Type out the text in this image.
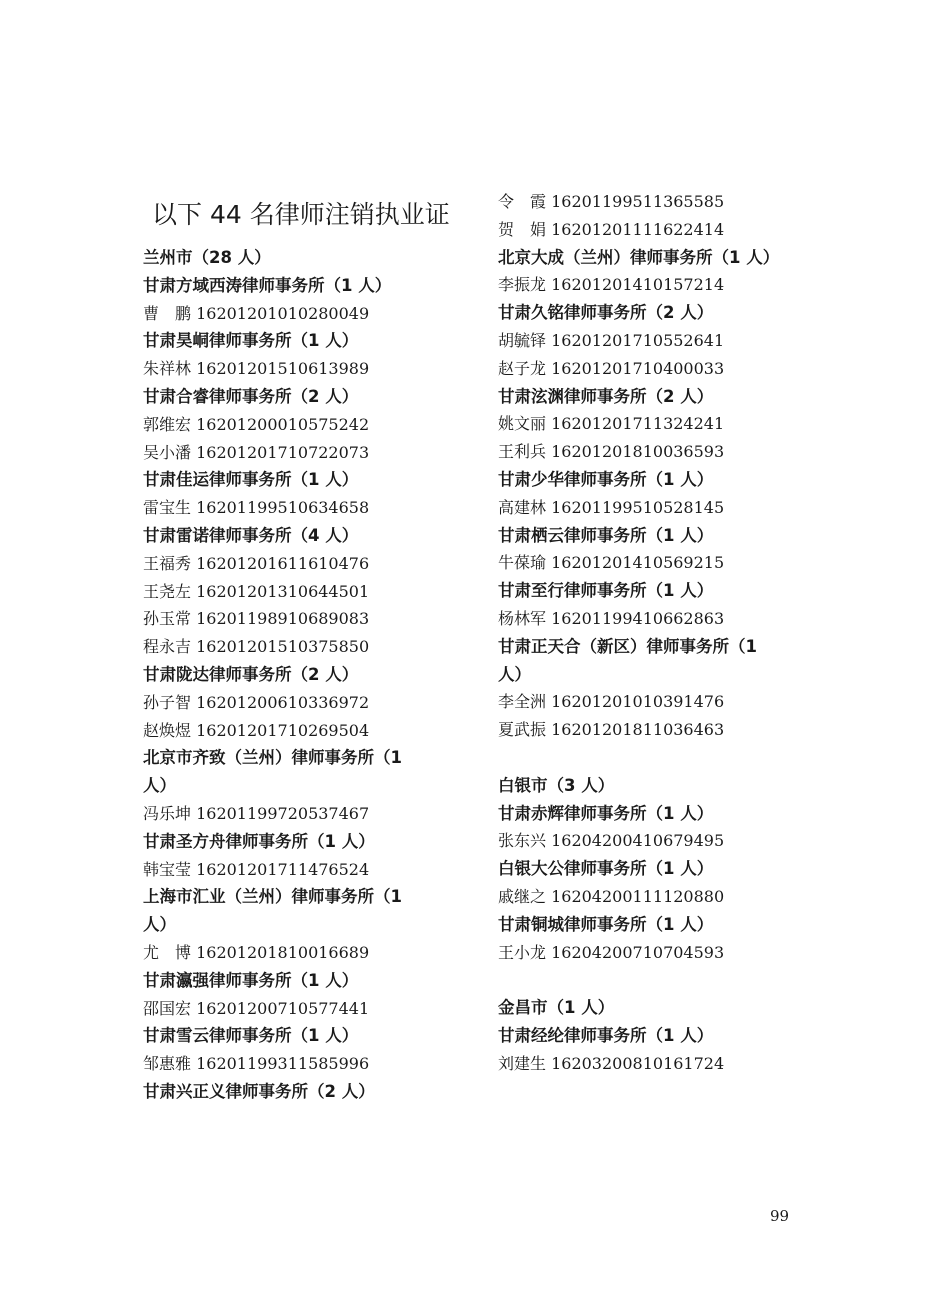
以下 44 名律师注销执业证
兰州市（28 人）
甘肃方域西涛律师事务所（1 人）
曹　鹏 16201201010280049
甘肃昊峒律师事务所（1 人）
朱祥林 16201201510613989
甘肃合睿律师事务所（2 人）
郭维宏 16201200010575242
吴小潘 16201201710722073
甘肃佳运律师事务所（1 人）
雷宝生 16201199510634658
甘肃雷诺律师事务所（4 人）
王福秀 16201201611610476
王尧左 16201201310644501
孙玉常 16201198910689083
程永吉 16201201510375850
甘肃陇达律师事务所（2 人）
孙子智 16201200610336972
赵焕煜 16201201710269504
北京市齐致（兰州）律师事务所（1
人）
冯乐坤 16201199720537467
甘肃圣方舟律师事务所（1 人）
韩宝莹 16201201711476524
上海市汇业（兰州）律师事务所（1
人）
尤　博 16201201810016689
甘肃瀛强律师事务所（1 人）
邵国宏 16201200710577441
甘肃雪云律师事务所（1 人）
邹惠雅 16201199311585996
甘肃兴正义律师事务所（2 人）
令　霞 16201199511365585
贺　娟 16201201111622414
北京大成（兰州）律师事务所（1 人）
李振龙 16201201410157214
甘肃久铭律师事务所（2 人）
胡毓铎 16201201710552641
赵子龙 16201201710400033
甘肃泫渊律师事务所（2 人）
姚文丽 16201201711324241
王利兵 16201201810036593
甘肃少华律师事务所（1 人）
高建林 16201199510528145
甘肃栖云律师事务所（1 人）
牛葆瑜 16201201410569215
甘肃至行律师事务所（1 人）
杨林军 16201199410662863
甘肃正天合（新区）律师事务所（1
人）
李全洲 16201201010391476
夏武振 16201201811036463
白银市（3 人）
甘肃赤辉律师事务所（1 人）
张东兴 16204200410679495
白银大公律师事务所（1 人）
戚继之 16204200111120880
甘肃铜城律师事务所（1 人）
王小龙 16204200710704593
金昌市（1 人）
甘肃经纶律师事务所（1 人）
刘建生 16203200810161724
99
